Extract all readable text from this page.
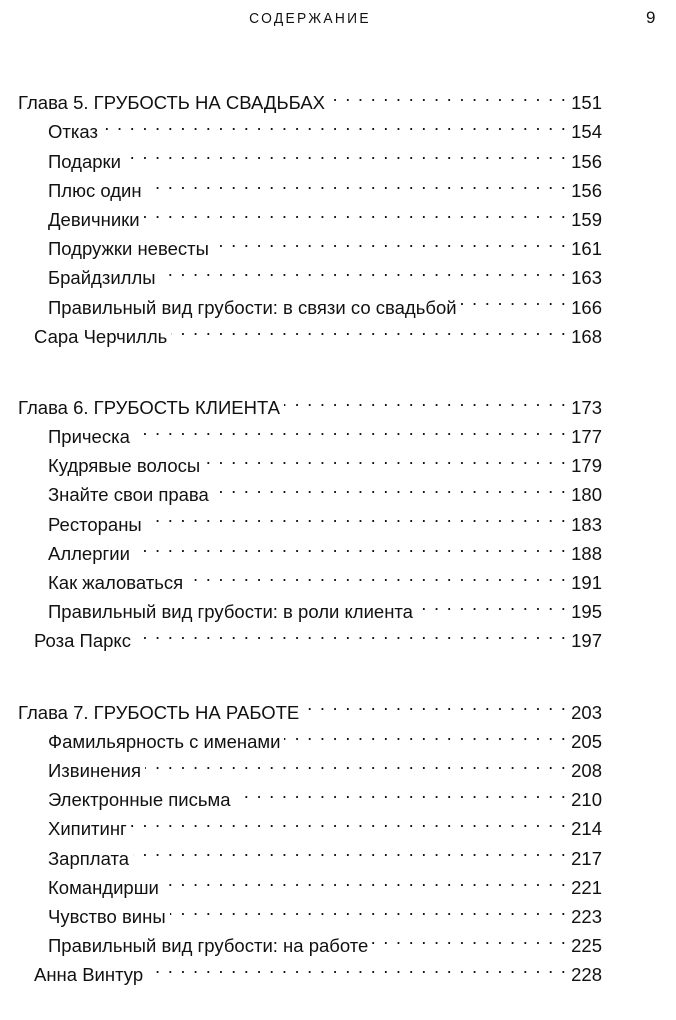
СОДЕРЖАНИЕ	9
Глава 5. ГРУБОСТЬ НА СВАДЬБАХ . . .	151
Отказ . . .	154
Подарки . . .	156
Плюс один . . .	156
Девичники . . .	159
Подружки невесты . . .	161
Брайдзиллы . . .	163
Правильный вид грубости: в связи со свадьбой . . .	166
Сара Черчилль . . .	168
Глава 6. ГРУБОСТЬ КЛИЕНТА . . .	173
Прическа . . .	177
Кудрявые волосы . . .	179
Знайте свои права . . .	180
Рестораны . . .	183
Аллергии . . .	188
Как жаловаться . . .	191
Правильный вид грубости: в роли клиента . . .	195
Роза Паркс . . .	197
Глава 7. ГРУБОСТЬ НА РАБОТЕ . . .	203
Фамильярность с именами . . .	205
Извинения . . .	208
Электронные письма . . .	210
Хипитинг . . .	214
Зарплата . . .	217
Командирши . . .	221
Чувство вины . . .	223
Правильный вид грубости: на работе . . .	225
Анна Винтур . . .	228
